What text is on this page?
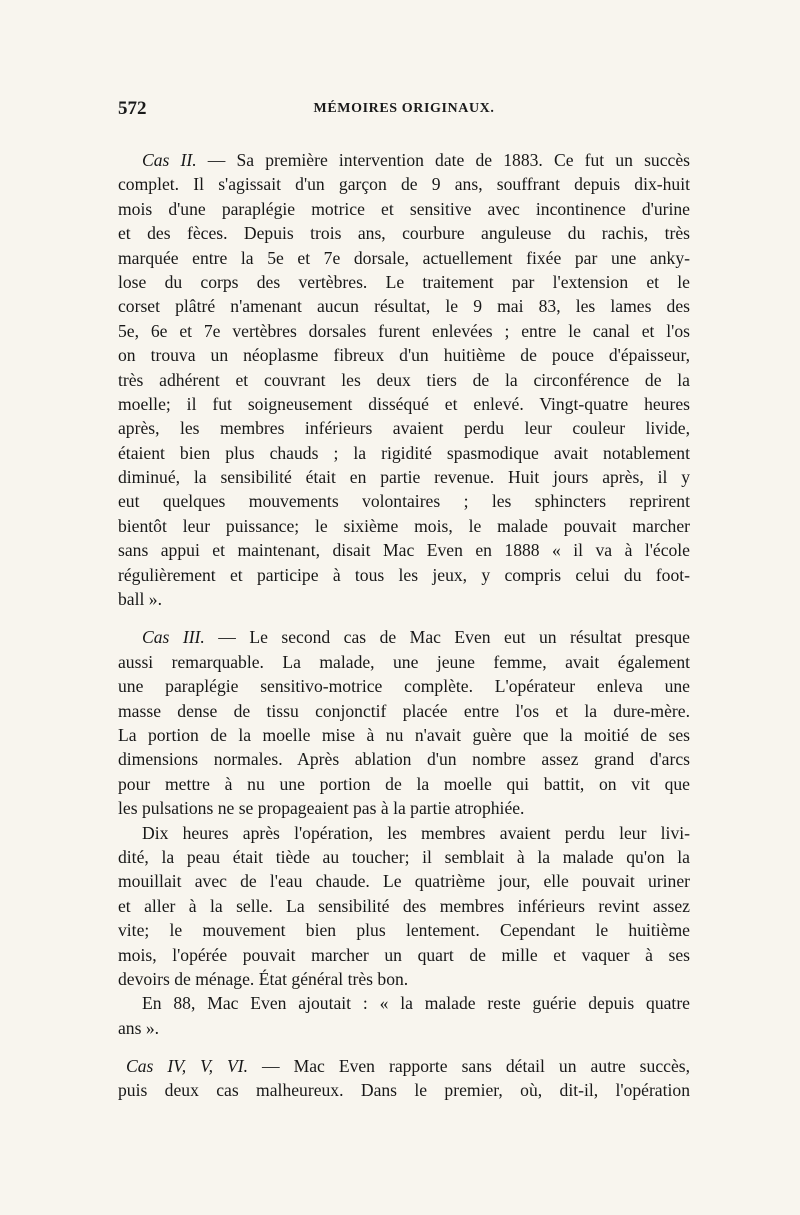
572	MÉMOIRES ORIGINAUX.
Cas II. — Sa première intervention date de 1883. Ce fut un succès
complet. Il s'agissait d'un garçon de 9 ans, souffrant depuis dix-huit
mois d'une paraplégie motrice et sensitive avec incontinence d'urine
et des fèces. Depuis trois ans, courbure anguleuse du rachis, très
marquée entre la 5e et 7e dorsale, actuellement fixée par une anky-
lose du corps des vertèbres. Le traitement par l'extension et le
corset plâtré n'amenant aucun résultat, le 9 mai 83, les lames des
5e, 6e et 7e vertèbres dorsales furent enlevées ; entre le canal et l'os
on trouva un néoplasme fibreux d'un huitième de pouce d'épaisseur,
très adhérent et couvrant les deux tiers de la circonférence de la
moelle; il fut soigneusement disséqué et enlevé. Vingt-quatre heures
après, les membres inférieurs avaient perdu leur couleur livide,
étaient bien plus chauds ; la rigidité spasmodique avait notablement
diminué, la sensibilité était en partie revenue. Huit jours après, il y
eut quelques mouvements volontaires ; les sphincters reprirent
bientôt leur puissance; le sixième mois, le malade pouvait marcher
sans appui et maintenant, disait Mac Even en 1888 « il va à l'école
régulièrement et participe à tous les jeux, y compris celui du foot-
ball ».
Cas III. — Le second cas de Mac Even eut un résultat presque
aussi remarquable. La malade, une jeune femme, avait également
une paraplégie sensitivo-motrice complète. L'opérateur enleva une
masse dense de tissu conjonctif placée entre l'os et la dure-mère.
La portion de la moelle mise à nu n'avait guère que la moitié de ses
dimensions normales. Après ablation d'un nombre assez grand d'arcs
pour mettre à nu une portion de la moelle qui battit, on vit que
les pulsations ne se propageaient pas à la partie atrophiée.
Dix heures après l'opération, les membres avaient perdu leur livi-
dité, la peau était tiède au toucher; il semblait à la malade qu'on la
mouillait avec de l'eau chaude. Le quatrième jour, elle pouvait uriner
et aller à la selle. La sensibilité des membres inférieurs revint assez
vite; le mouvement bien plus lentement. Cependant le huitième
mois, l'opérée pouvait marcher un quart de mille et vaquer à ses
devoirs de ménage. État général très bon.
En 88, Mac Even ajoutait : « la malade reste guérie depuis quatre
ans ».
Cas IV, V, VI. — Mac Even rapporte sans détail un autre succès,
puis deux cas malheureux. Dans le premier, où, dit-il, l'opération
